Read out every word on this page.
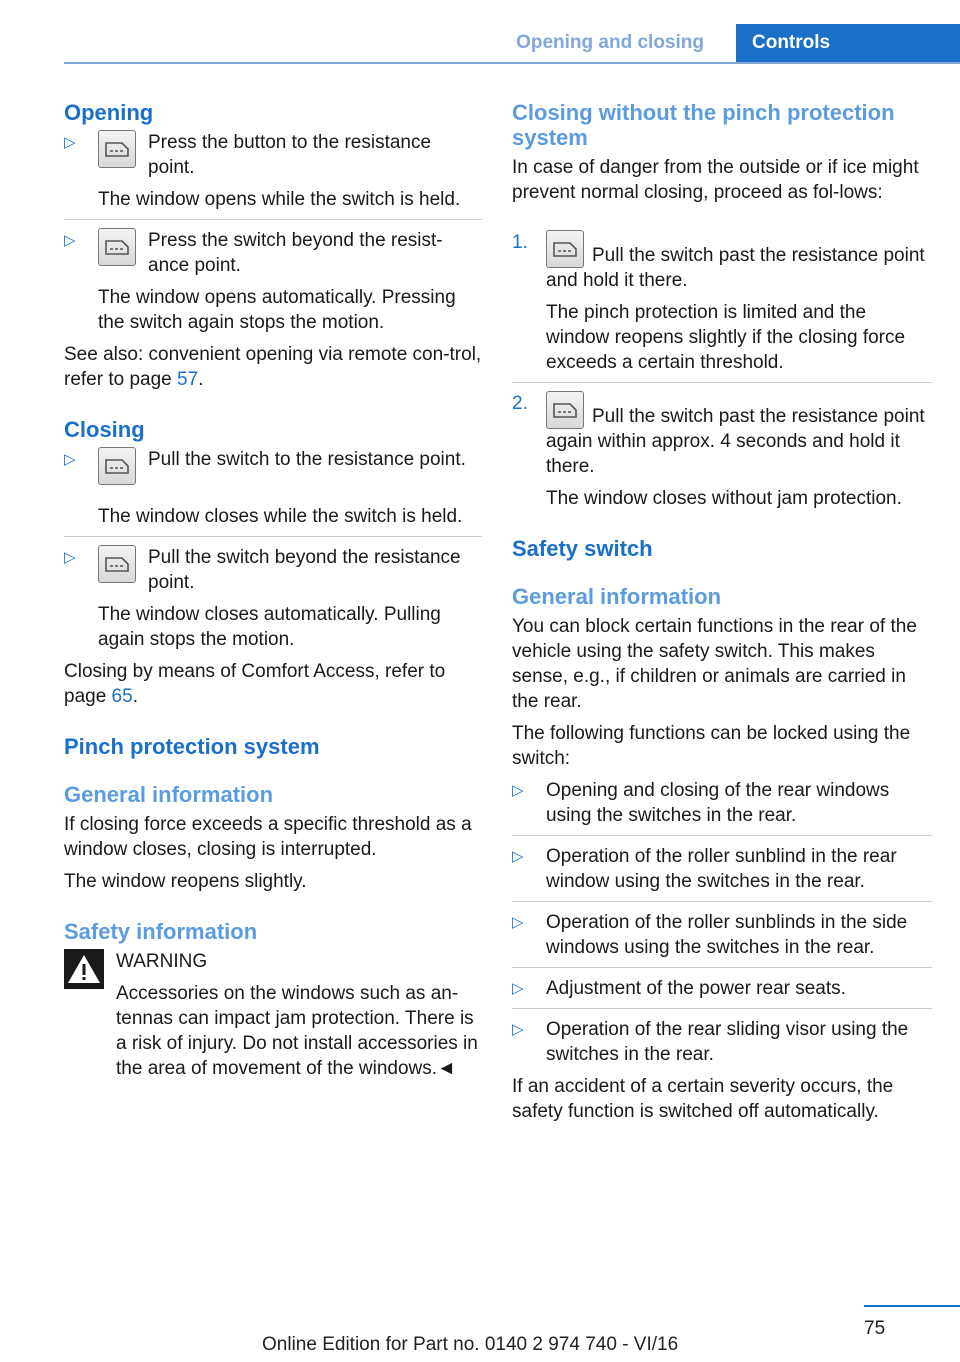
Opening and closing	Controls
Opening
▷	Press the button to the resistance point.
The window opens while the switch is held.
▷	Press the switch beyond the resist‐ance point.
The window opens automatically. Pressing the switch again stops the motion.

See also: convenient opening via remote con‐trol, refer to page 57.

Closing
▷	Pull the switch to the resistance point.
The window closes while the switch is held.
▷	Pull the switch beyond the resistance point.
The window closes automatically. Pulling again stops the motion.

Closing by means of Comfort Access, refer to page 65.

Pinch protection system
General information

If closing force exceeds a specific threshold as a window closes, closing is interrupted.

The window reopens slightly.

Safety information
WARNING
Accessories on the windows such as an‐tennas can impact jam protection. There is a risk of injury. Do not install accessories in the area of movement of the windows.◄
Closing without the pinch protection system

In case of danger from the outside or if ice might prevent normal closing, proceed as fol‐lows:

1.
Pull the switch past the resistance point and hold it there.
The pinch protection is limited and the window reopens slightly if the closing force exceeds a certain threshold.
2.
Pull the switch past the resistance point again within approx. 4 seconds and hold it there.
The window closes without jam protection.
Safety switch
General information

You can block certain functions in the rear of the vehicle using the safety switch. This makes sense, e.g., if children or animals are carried in the rear.

The following functions can be locked using the switch:

▷ Opening and closing of the rear windows using the switches in the rear.
▷ Operation of the roller sunblind in the rear window using the switches in the rear.
▷ Operation of the roller sunblinds in the side windows using the switches in the rear.
▷ Adjustment of the power rear seats.
▷ Operation of the rear sliding visor using the switches in the rear.

If an accident of a certain severity occurs, the safety function is switched off automatically.

75
Online Edition for Part no. 0140 2 974 740 - VI/16
